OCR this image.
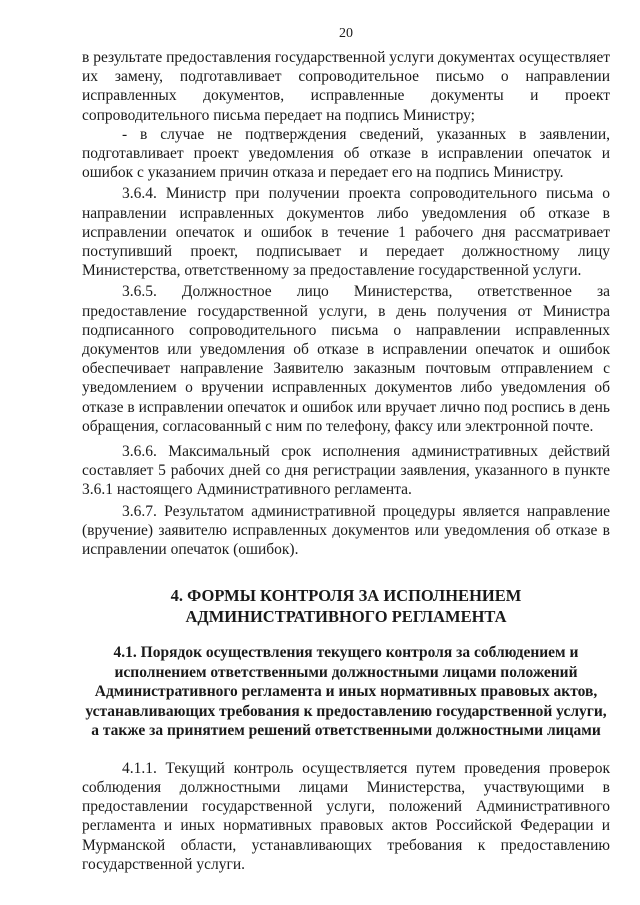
20

в результате предоставления государственной услуги документах осуществляет их замену, подготавливает сопроводительное письмо о направлении исправленных документов, исправленные документы и проект сопроводительного письма передает на подпись Министру;

- в случае не подтверждения сведений, указанных в заявлении, подготавливает проект уведомления об отказе в исправлении опечаток и ошибок с указанием причин отказа и передает его на подпись Министру.

3.6.4. Министр при получении проекта сопроводительного письма о направлении исправленных документов либо уведомления об отказе в исправлении опечаток и ошибок в течение 1 рабочего дня рассматривает поступивший проект, подписывает и передает должностному лицу Министерства, ответственному за предоставление государственной услуги.

3.6.5. Должностное лицо Министерства, ответственное за предоставление государственной услуги, в день получения от Министра подписанного сопроводительного письма о направлении исправленных документов или уведомления об отказе в исправлении опечаток и ошибок обеспечивает направление Заявителю заказным почтовым отправлением с уведомлением о вручении исправленных документов либо уведомления об отказе в исправлении опечаток и ошибок или вручает лично под роспись в день обращения, согласованный с ним по телефону, факсу или электронной почте.

3.6.6. Максимальный срок исполнения административных действий составляет 5 рабочих дней со дня регистрации заявления, указанного в пункте 3.6.1 настоящего Административного регламента.

3.6.7. Результатом административной процедуры является направление (вручение) заявителю исправленных документов или уведомления об отказе в исправлении опечаток (ошибок).

4. ФОРМЫ КОНТРОЛЯ ЗА ИСПОЛНЕНИЕМ
АДМИНИСТРАТИВНОГО РЕГЛАМЕНТА
4.1. Порядок осуществления текущего контроля за соблюдением и
исполнением ответственными должностными лицами положений
Административного регламента и иных нормативных правовых актов,
устанавливающих требования к предоставлению государственной услуги,
а также за принятием решений ответственными должностными лицами

4.1.1. Текущий контроль осуществляется путем проведения проверок соблюдения должностными лицами Министерства, участвующими в предоставлении государственной услуги, положений Административного регламента и иных нормативных правовых актов Российской Федерации и Мурманской области, устанавливающих требования к предоставлению государственной услуги.
